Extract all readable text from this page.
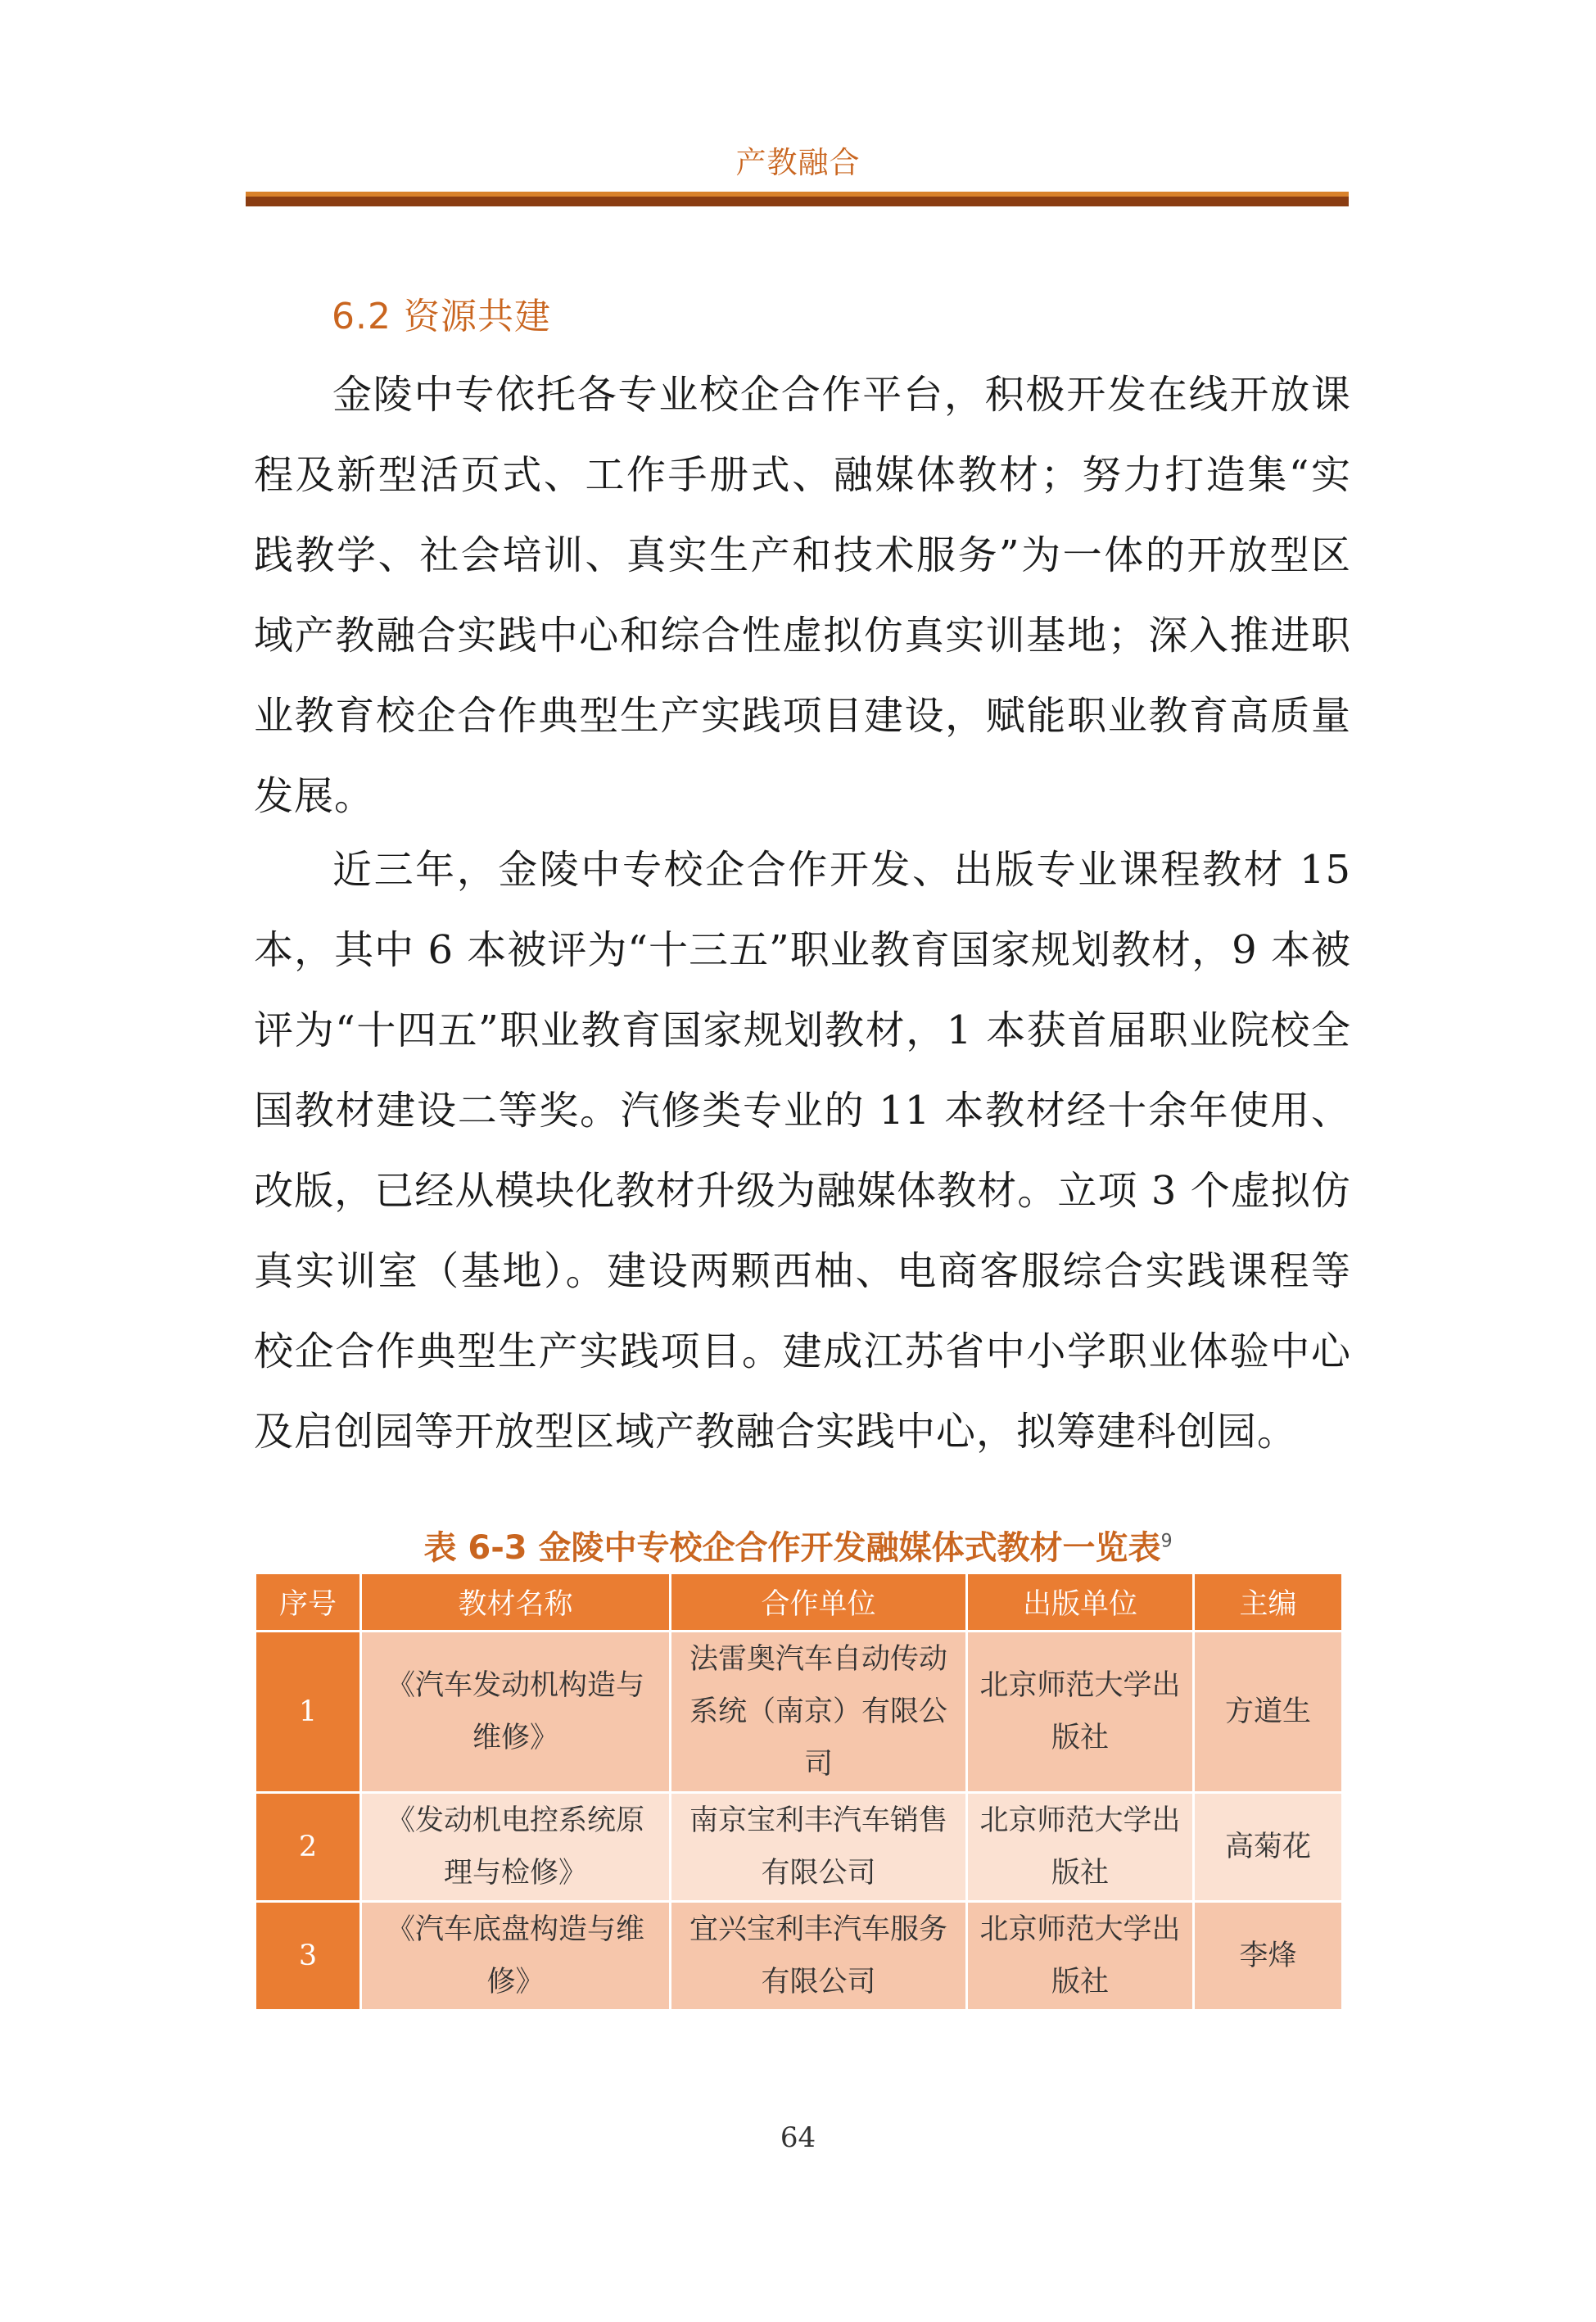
产教融合
6.2 资源共建

金陵中专依托各专业校企合作平台，积极开发在线开放课程及新型活页式、工作手册式、融媒体教材；努力打造集“实践教学、社会培训、真实生产和技术服务”为一体的开放型区域产教融合实践中心和综合性虚拟仿真实训基地；深入推进职业教育校企合作典型生产实践项目建设，赋能职业教育高质量发展。

近三年，金陵中专校企合作开发、出版专业课程教材 15 本，其中 6 本被评为“十三五”职业教育国家规划教材，9 本被评为“十四五”职业教育国家规划教材，1 本获首届职业院校全国教材建设二等奖。汽修类专业的 11 本教材经十余年使用、改版，已经从模块化教材升级为融媒体教材。立项 3 个虚拟仿真实训室（基地）。建设两颗西柚、电商客服综合实践课程等校企合作典型生产实践项目。建成江苏省中小学职业体验中心及启创园等开放型区域产教融合实践中心，拟筹建科创园。

表 6-3 金陵中专校企合作开发融媒体式教材一览表$^9$
序号	教材名称	合作单位	出版单位	主编
1	《汽车发动机构造与维修》	法雷奥汽车自动传动系统（南京）有限公司	北京师范大学出版社	方道生
2	《发动机电控系统原理与检修》	南京宝利丰汽车销售有限公司	北京师范大学出版社	高菊花
3	《汽车底盘构造与维修》	宜兴宝利丰汽车服务有限公司	北京师范大学出版社	李烽
64
